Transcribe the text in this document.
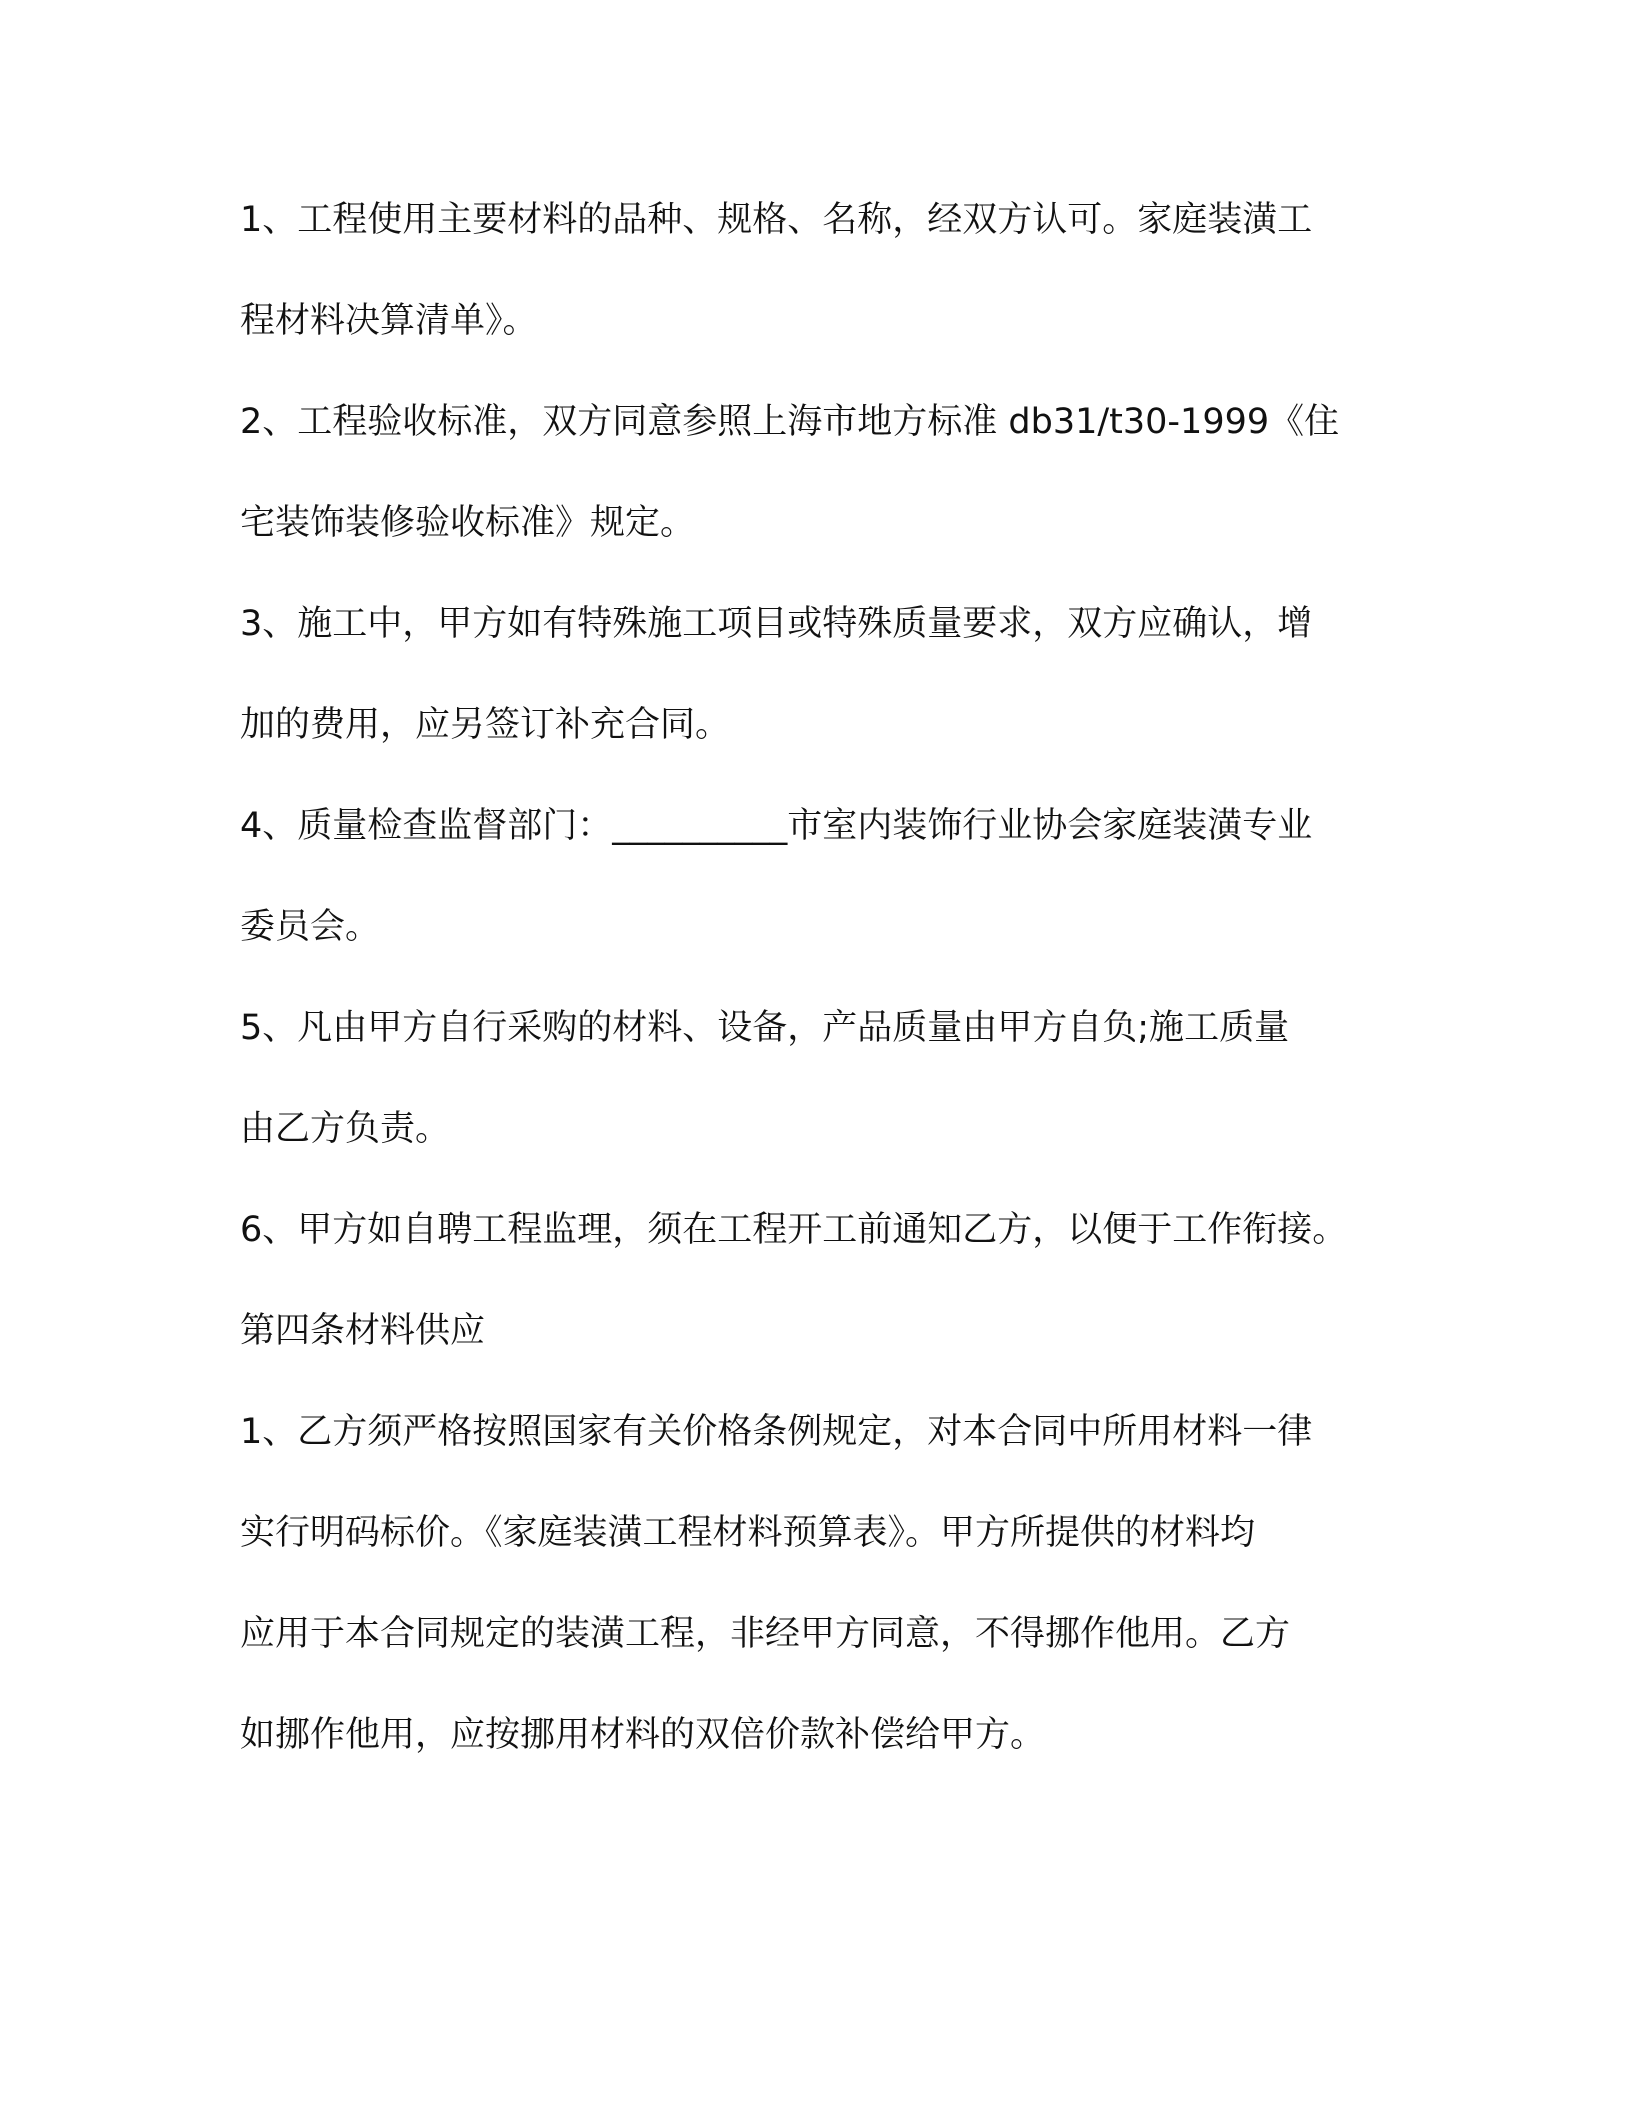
1、工程使用主要材料的品种、规格、名称，经双方认可。家庭装潢工
程材料决算清单》。
2、工程验收标准，双方同意参照上海市地方标准 db31/t30-1999《住
宅装饰装修验收标准》规定。
3、施工中，甲方如有特殊施工项目或特殊质量要求，双方应确认，增
加的费用，应另签订补充合同。
4、质量检查监督部门：__________市室内装饰行业协会家庭装潢专业
委员会。
5、凡由甲方自行采购的材料、设备，产品质量由甲方自负;施工质量
由乙方负责。
6、甲方如自聘工程监理，须在工程开工前通知乙方，以便于工作衔接。
第四条材料供应
1、乙方须严格按照国家有关价格条例规定，对本合同中所用材料一律
实行明码标价。《家庭装潢工程材料预算表》。甲方所提供的材料均
应用于本合同规定的装潢工程，非经甲方同意，不得挪作他用。乙方
如挪作他用，应按挪用材料的双倍价款补偿给甲方。
